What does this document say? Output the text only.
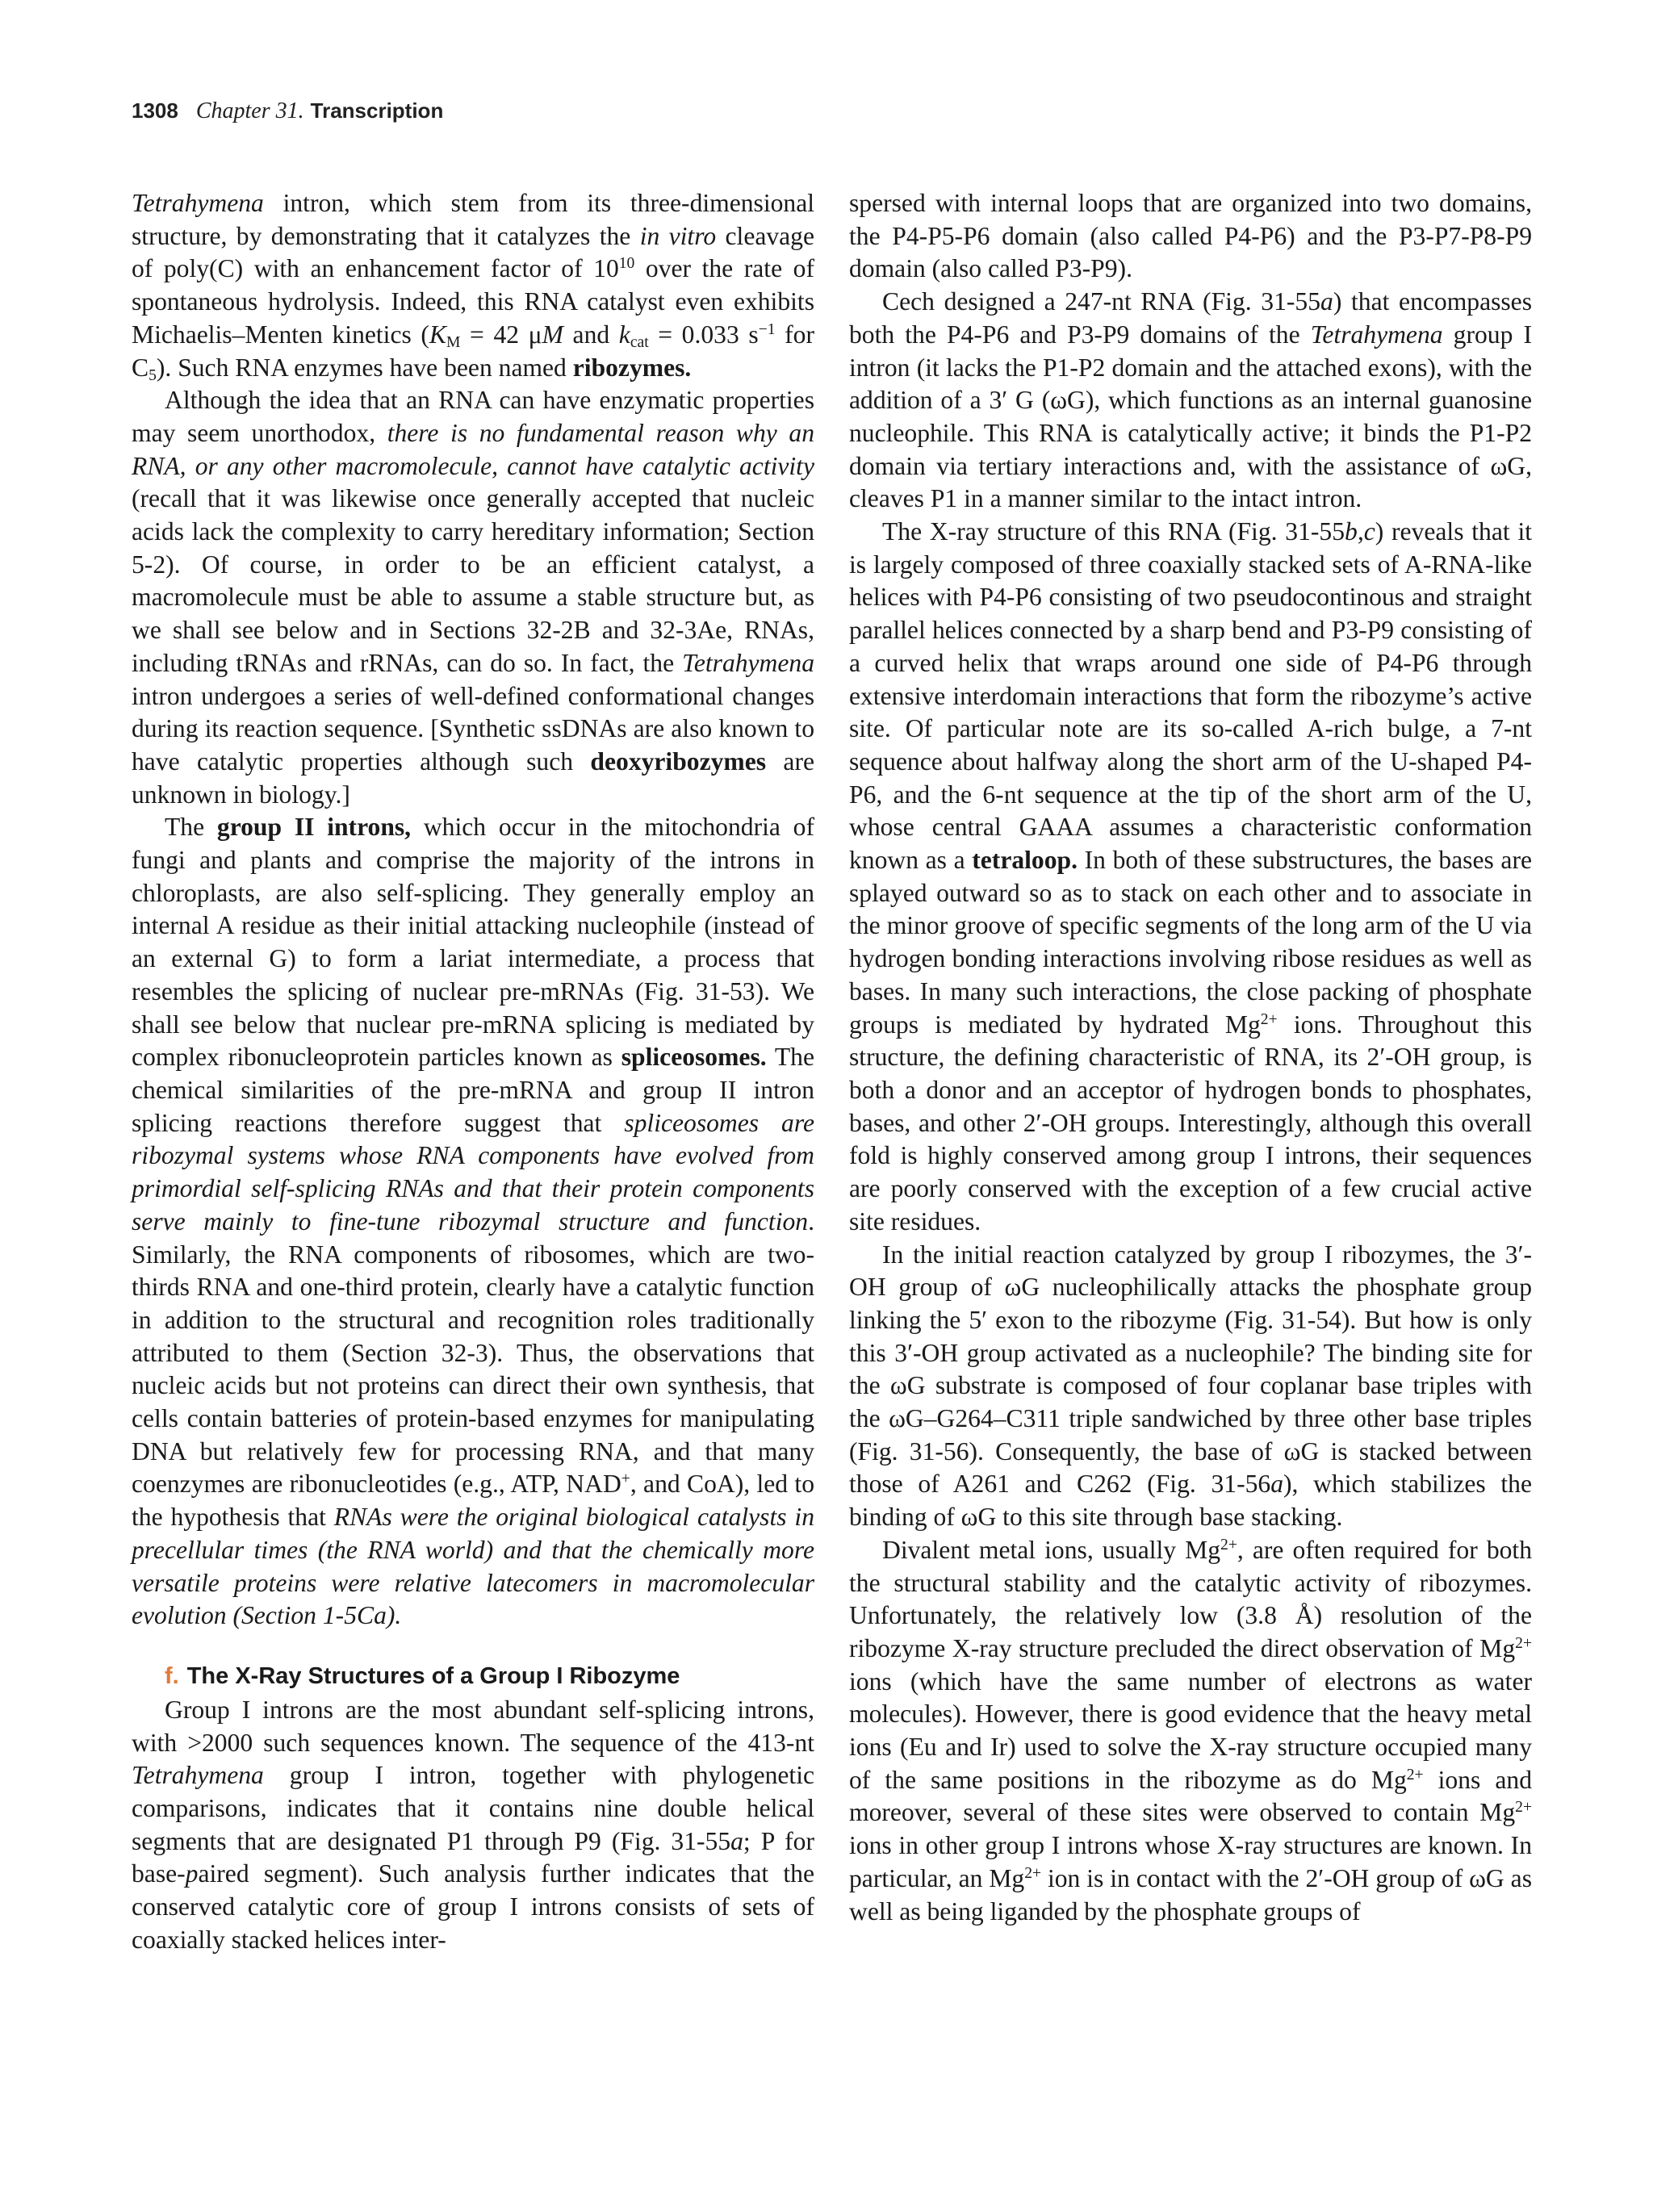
1308 Chapter 31. Transcription

Tetrahymena intron, which stem from its three-dimensional structure, by demonstrating that it catalyzes the in vitro cleavage of poly(C) with an enhancement factor of $10^{10}$ over the rate of spontaneous hydrolysis. Indeed, this RNA catalyst even exhibits Michaelis–Menten kinetics ($K_M = 42$ μM and $k_{cat} = 0.033$ $s^{-1}$ for $C_5$). Such RNA enzymes have been named ribozymes.

Although the idea that an RNA can have enzymatic properties may seem unorthodox, there is no fundamental reason why an RNA, or any other macromolecule, cannot have catalytic activity (recall that it was likewise once generally accepted that nucleic acids lack the complexity to carry hereditary information; Section 5-2). Of course, in order to be an efficient catalyst, a macromolecule must be able to assume a stable structure but, as we shall see below and in Sections 32-2B and 32-3Ae, RNAs, including tRNAs and rRNAs, can do so. In fact, the Tetrahymena intron undergoes a series of well-defined conformational changes during its reaction sequence. [Synthetic ssDNAs are also known to have catalytic properties although such deoxyribozymes are unknown in biology.]

The group II introns, which occur in the mitochondria of fungi and plants and comprise the majority of the introns in chloroplasts, are also self-splicing. They generally employ an internal A residue as their initial attacking nucleophile (instead of an external G) to form a lariat intermediate, a process that resembles the splicing of nuclear pre-mRNAs (Fig. 31-53). We shall see below that nuclear pre-mRNA splicing is mediated by complex ribonucleoprotein particles known as spliceosomes. The chemical similarities of the pre-mRNA and group II intron splicing reactions therefore suggest that spliceosomes are ribozymal systems whose RNA components have evolved from primordial self-splicing RNAs and that their protein components serve mainly to fine-tune ribozymal structure and function. Similarly, the RNA components of ribosomes, which are two-thirds RNA and one-third protein, clearly have a catalytic function in addition to the structural and recognition roles traditionally attributed to them (Section 32-3). Thus, the observations that nucleic acids but not proteins can direct their own synthesis, that cells contain batteries of protein-based enzymes for manipulating DNA but relatively few for processing RNA, and that many coenzymes are ribonucleotides (e.g., ATP, NAD+, and CoA), led to the hypothesis that RNAs were the original biological catalysts in precellular times (the RNA world) and that the chemically more versatile proteins were relative latecomers in macromolecular evolution (Section 1-5Ca).

f. The X-Ray Structures of a Group I Ribozyme

Group I introns are the most abundant self-splicing introns, with >2000 such sequences known. The sequence of the 413-nt Tetrahymena group I intron, together with phylogenetic comparisons, indicates that it contains nine double helical segments that are designated P1 through P9 (Fig. 31-55a; P for base-paired segment). Such analysis further indicates that the conserved catalytic core of group I introns consists of sets of coaxially stacked helices inter-

spersed with internal loops that are organized into two domains, the P4-P5-P6 domain (also called P4-P6) and the P3-P7-P8-P9 domain (also called P3-P9).

Cech designed a 247-nt RNA (Fig. 31-55a) that encompasses both the P4-P6 and P3-P9 domains of the Tetrahymena group I intron (it lacks the P1-P2 domain and the attached exons), with the addition of a 3′ G (ωG), which functions as an internal guanosine nucleophile. This RNA is catalytically active; it binds the P1-P2 domain via tertiary interactions and, with the assistance of ωG, cleaves P1 in a manner similar to the intact intron.

The X-ray structure of this RNA (Fig. 31-55b,c) reveals that it is largely composed of three coaxially stacked sets of A-RNA-like helices with P4-P6 consisting of two pseudocontinous and straight parallel helices connected by a sharp bend and P3-P9 consisting of a curved helix that wraps around one side of P4-P6 through extensive interdomain interactions that form the ribozyme’s active site. Of particular note are its so-called A-rich bulge, a 7-nt sequence about halfway along the short arm of the U-shaped P4-P6, and the 6-nt sequence at the tip of the short arm of the U, whose central GAAA assumes a characteristic conformation known as a tetraloop. In both of these substructures, the bases are splayed outward so as to stack on each other and to associate in the minor groove of specific segments of the long arm of the U via hydrogen bonding interactions involving ribose residues as well as bases. In many such interactions, the close packing of phosphate groups is mediated by hydrated $Mg^{2+}$ ions. Throughout this structure, the defining characteristic of RNA, its 2′-OH group, is both a donor and an acceptor of hydrogen bonds to phosphates, bases, and other 2′-OH groups. Interestingly, although this overall fold is highly conserved among group I introns, their sequences are poorly conserved with the exception of a few crucial active site residues.

In the initial reaction catalyzed by group I ribozymes, the 3′-OH group of ωG nucleophilically attacks the phosphate group linking the 5′ exon to the ribozyme (Fig. 31-54). But how is only this 3′-OH group activated as a nucleophile? The binding site for the ωG substrate is composed of four coplanar base triples with the ωG–G264–C311 triple sandwiched by three other base triples (Fig. 31-56). Consequently, the base of ωG is stacked between those of A261 and C262 (Fig. 31-56a), which stabilizes the binding of ωG to this site through base stacking.

Divalent metal ions, usually $Mg^{2+}$, are often required for both the structural stability and the catalytic activity of ribozymes. Unfortunately, the relatively low (3.8 Å) resolution of the ribozyme X-ray structure precluded the direct observation of $Mg^{2+}$ ions (which have the same number of electrons as water molecules). However, there is good evidence that the heavy metal ions (Eu and Ir) used to solve the X-ray structure occupied many of the same positions in the ribozyme as do $Mg^{2+}$ ions and moreover, several of these sites were observed to contain $Mg^{2+}$ ions in other group I introns whose X-ray structures are known. In particular, an $Mg^{2+}$ ion is in contact with the 2′-OH group of ωG as well as being liganded by the phosphate groups of
